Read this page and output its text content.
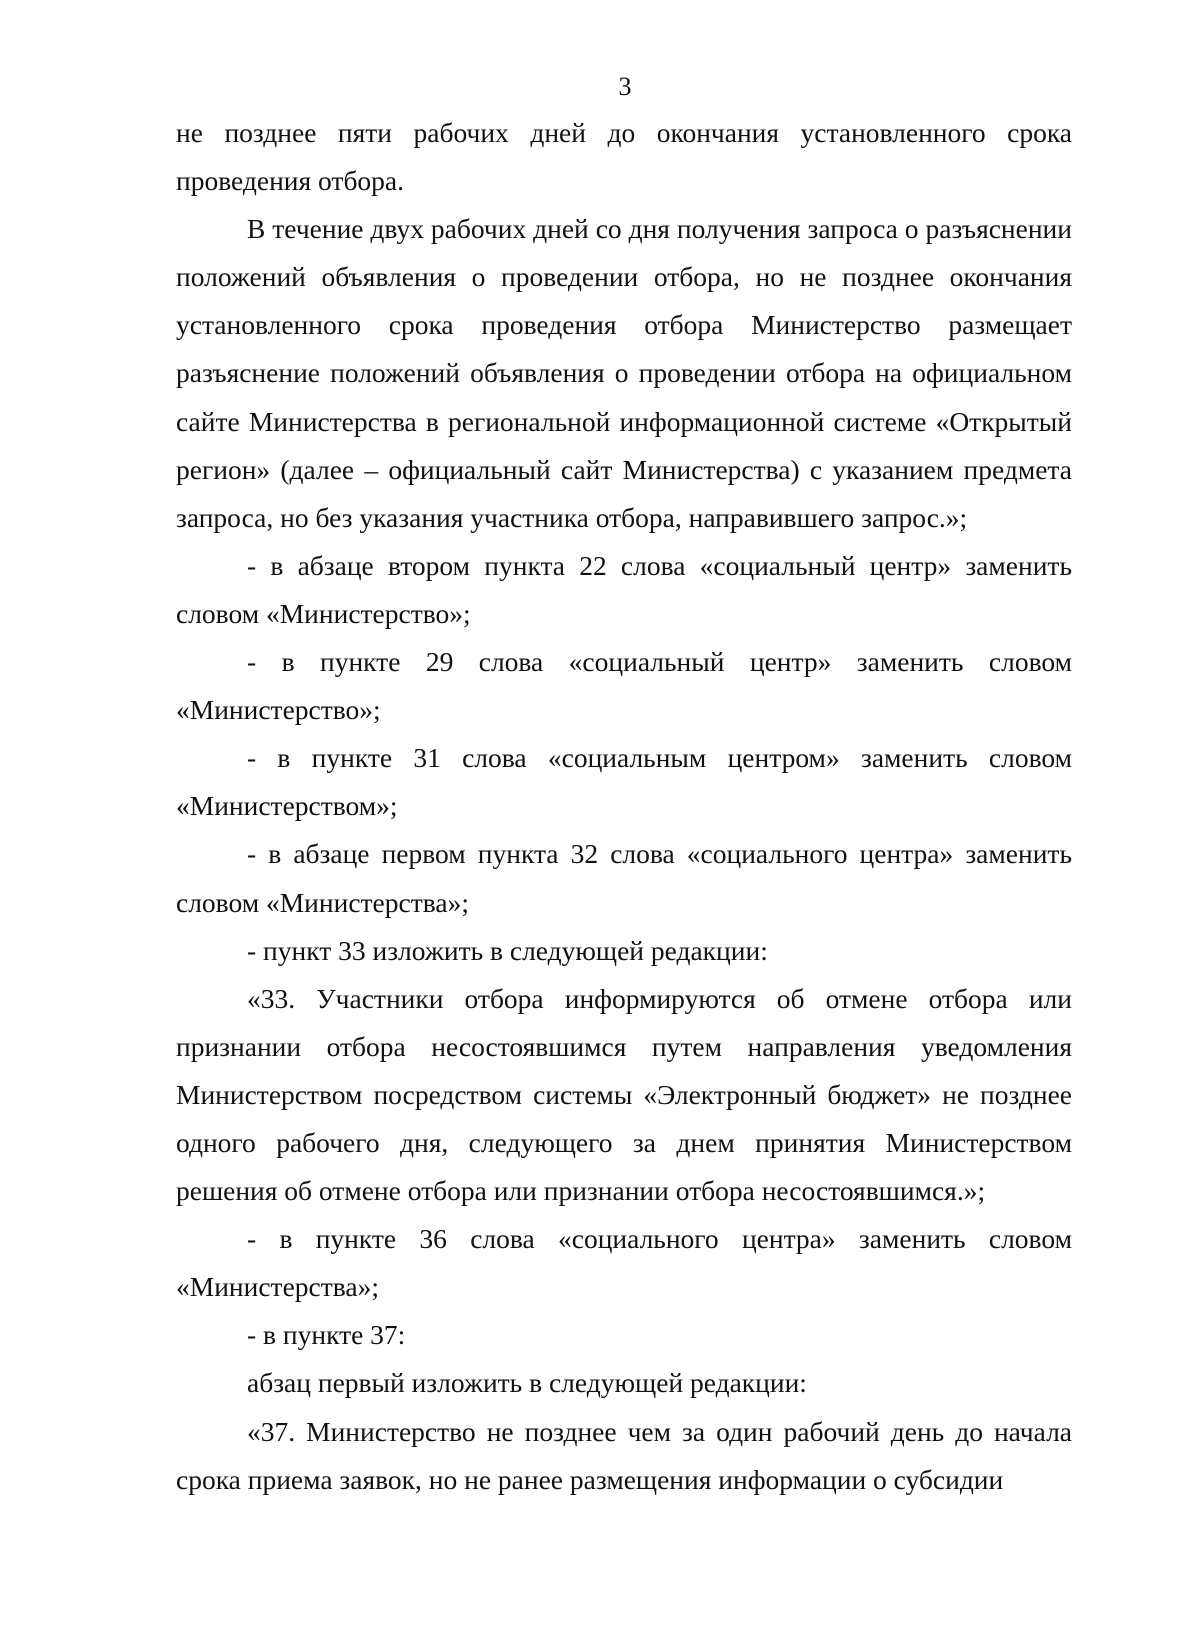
3

не позднее пяти рабочих дней до окончания установленного срока проведения отбора.

В течение двух рабочих дней со дня получения запроса о разъяснении положений объявления о проведении отбора, но не позднее окончания установленного срока проведения отбора Министерство размещает разъяснение положений объявления о проведении отбора на официальном сайте Министерства в региональной информационной системе «Открытый регион» (далее – официальный сайт Министерства) с указанием предмета запроса, но без указания участника отбора, направившего запрос.»;

- в абзаце втором пункта 22 слова «социальный центр» заменить словом «Министерство»;

- в пункте 29 слова «социальный центр» заменить словом «Министерство»;

- в пункте 31 слова «социальным центром» заменить словом «Министерством»;

- в абзаце первом пункта 32 слова «социального центра» заменить словом «Министерства»;

- пункт 33 изложить в следующей редакции:

«33. Участники отбора информируются об отмене отбора или признании отбора несостоявшимся путем направления уведомления Министерством посредством системы «Электронный бюджет» не позднее одного рабочего дня, следующего за днем принятия Министерством решения об отмене отбора или признании отбора несостоявшимся.»;

- в пункте 36 слова «социального центра» заменить словом «Министерства»;

- в пункте 37:

абзац первый изложить в следующей редакции:

«37. Министерство не позднее чем за один рабочий день до начала срока приема заявок, но не ранее размещения информации о субсидии
